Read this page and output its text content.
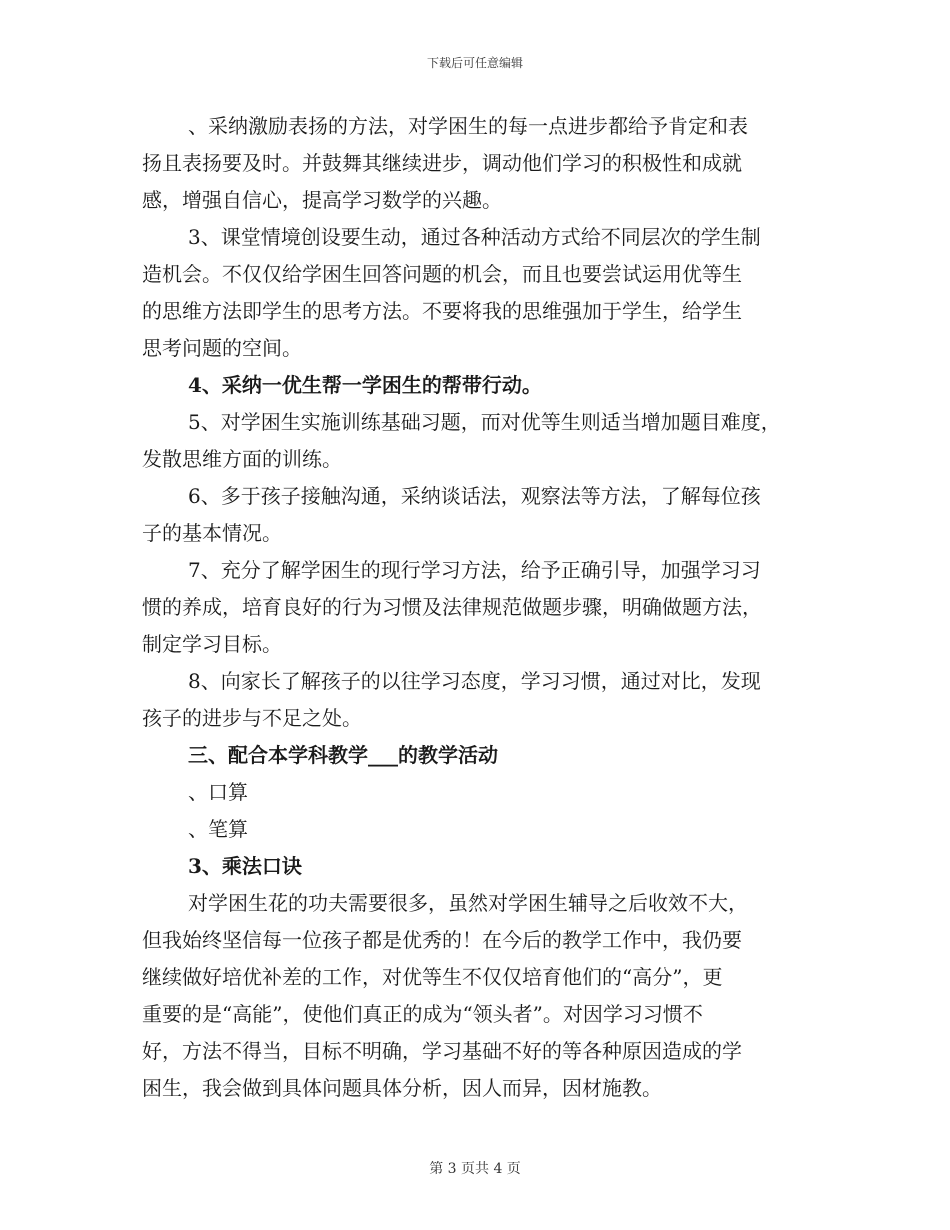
下载后可任意编辑
、采纳激励表扬的方法，对学困生的每一点进步都给予肯定和表
扬且表扬要及时。并鼓舞其继续进步，调动他们学习的积极性和成就
感，增强自信心，提高学习数学的兴趣。
3、课堂情境创设要生动，通过各种活动方式给不同层次的学生制
造机会。不仅仅给学困生回答问题的机会，而且也要尝试运用优等生
的思维方法即学生的思考方法。不要将我的思维强加于学生，给学生
思考问题的空间。
4、采纳一优生帮一学困生的帮带行动。
5、对学困生实施训练基础习题，而对优等生则适当增加题目难度，
发散思维方面的训练。
6、多于孩子接触沟通，采纳谈话法，观察法等方法，了解每位孩
子的基本情况。
7、充分了解学困生的现行学习方法，给予正确引导，加强学习习
惯的养成，培育良好的行为习惯及法律规范做题步骤，明确做题方法，
制定学习目标。
8、向家长了解孩子的以往学习态度，学习习惯，通过对比，发现
孩子的进步与不足之处。
三、配合本学科教学___的教学活动
、口算
、笔算
3、乘法口诀
对学困生花的功夫需要很多，虽然对学困生辅导之后收效不大，
但我始终坚信每一位孩子都是优秀的！在今后的教学工作中，我仍要
继续做好培优补差的工作，对优等生不仅仅培育他们的“高分”，更
重要的是“高能”，使他们真正的成为“领头者”。对因学习习惯不
好，方法不得当，目标不明确，学习基础不好的等各种原因造成的学
困生，我会做到具体问题具体分析，因人而异，因材施教。
第 3 页共 4 页
